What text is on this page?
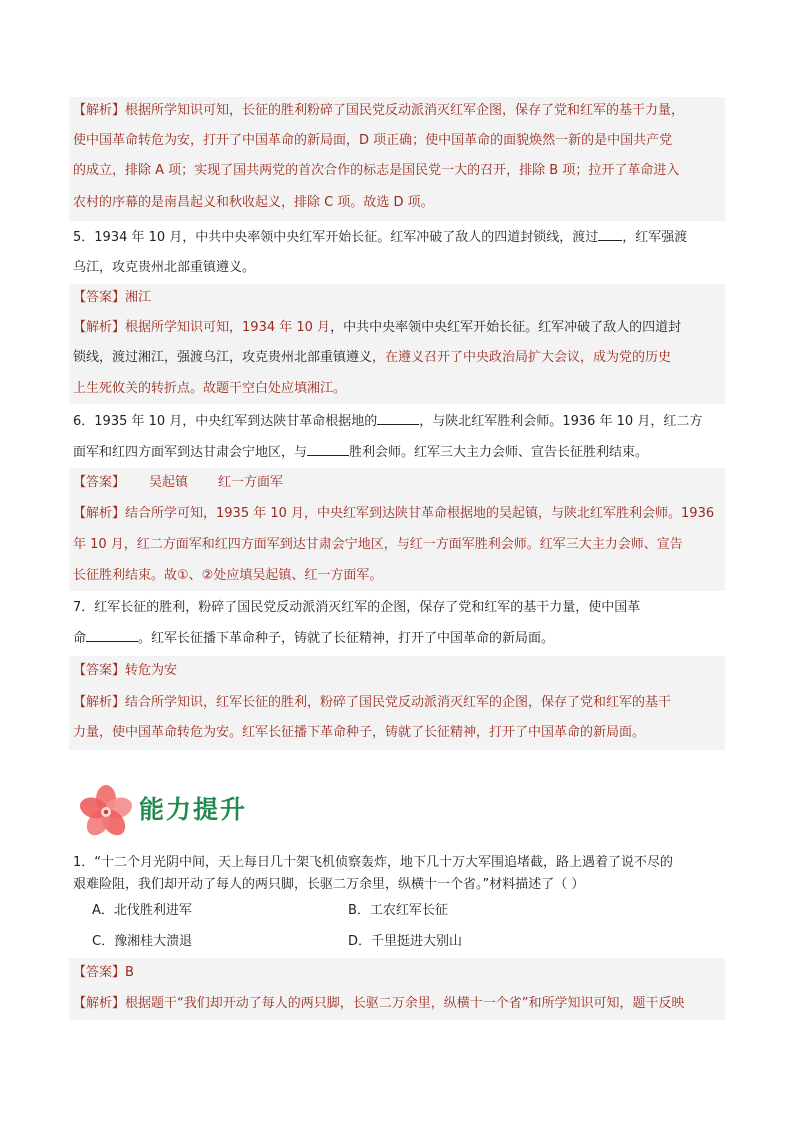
【解析】根据所学知识可知，长征的胜利粉碎了国民党反动派消灭红军企图，保存了党和红军的基干力量，
使中国革命转危为安，打开了中国革命的新局面，D 项正确；使中国革命的面貌焕然一新的是中国共产党
的成立，排除 A 项；实现了国共两党的首次合作的标志是国民党一大的召开，排除 B 项；拉开了革命进入
农村的序幕的是南昌起义和秋收起义，排除 C 项。故选 D 项。
5．1934 年 10 月，中共中央率领中央红军开始长征。红军冲破了敌人的四道封锁线，渡过 ，红军强渡
乌江，攻克贵州北部重镇遵义。
【答案】湘江
【解析】根据所学知识可知，1934 年 10 月，中共中央率领中央红军开始长征。红军冲破了敌人的四道封
锁线，渡过湘江，强渡乌江，攻克贵州北部重镇遵义，在遵义召开了中央政治局扩大会议，成为党的历史
上生死攸关的转折点。故题干空白处应填湘江。
6．1935 年 10 月，中央红军到达陕甘革命根据地的	，与陕北红军胜利会师。1936 年 10 月，红二方
面军和红四方面军到达甘肃会宁地区，与	胜利会师。红军三大主力会师、宣告长征胜利结束。
【答案】 吴起镇 红一方面军
【解析】结合所学可知，1935 年 10 月，中央红军到达陕甘革命根据地的吴起镇，与陕北红军胜利会师。1936
年 10 月，红二方面军和红四方面军到达甘肃会宁地区，与红一方面军胜利会师。红军三大主力会师、宣告
长征胜利结束。故①、②处应填吴起镇、红一方面军。
7．红军长征的胜利，粉碎了国民党反动派消灭红军的企图，保存了党和红军的基干力量，使中国革
命	。红军长征播下革命种子，铸就了长征精神，打开了中国革命的新局面。
【答案】转危为安
【解析】结合所学知识，红军长征的胜利，粉碎了国民党反动派消灭红军的企图，保存了党和红军的基干
力量，使中国革命转危为安。红军长征播下革命种子，铸就了长征精神，打开了中国革命的新局面。
能力提升
1．“十二个月光阴中间，天上每日几十架飞机侦察轰炸，地下几十万大军围追堵截，路上遇着了说不尽的
艰难险阻，我们却开动了每人的两只脚，长驱二万余里，纵横十一个省。”材料描述了（ ）
A．北伐胜利进军	B．工农红军长征
C．豫湘桂大溃退	D．千里挺进大别山
【答案】B
【解析】根据题干“我们却开动了每人的两只脚，长驱二万余里，纵横十一个省”和所学知识可知，题干反映
